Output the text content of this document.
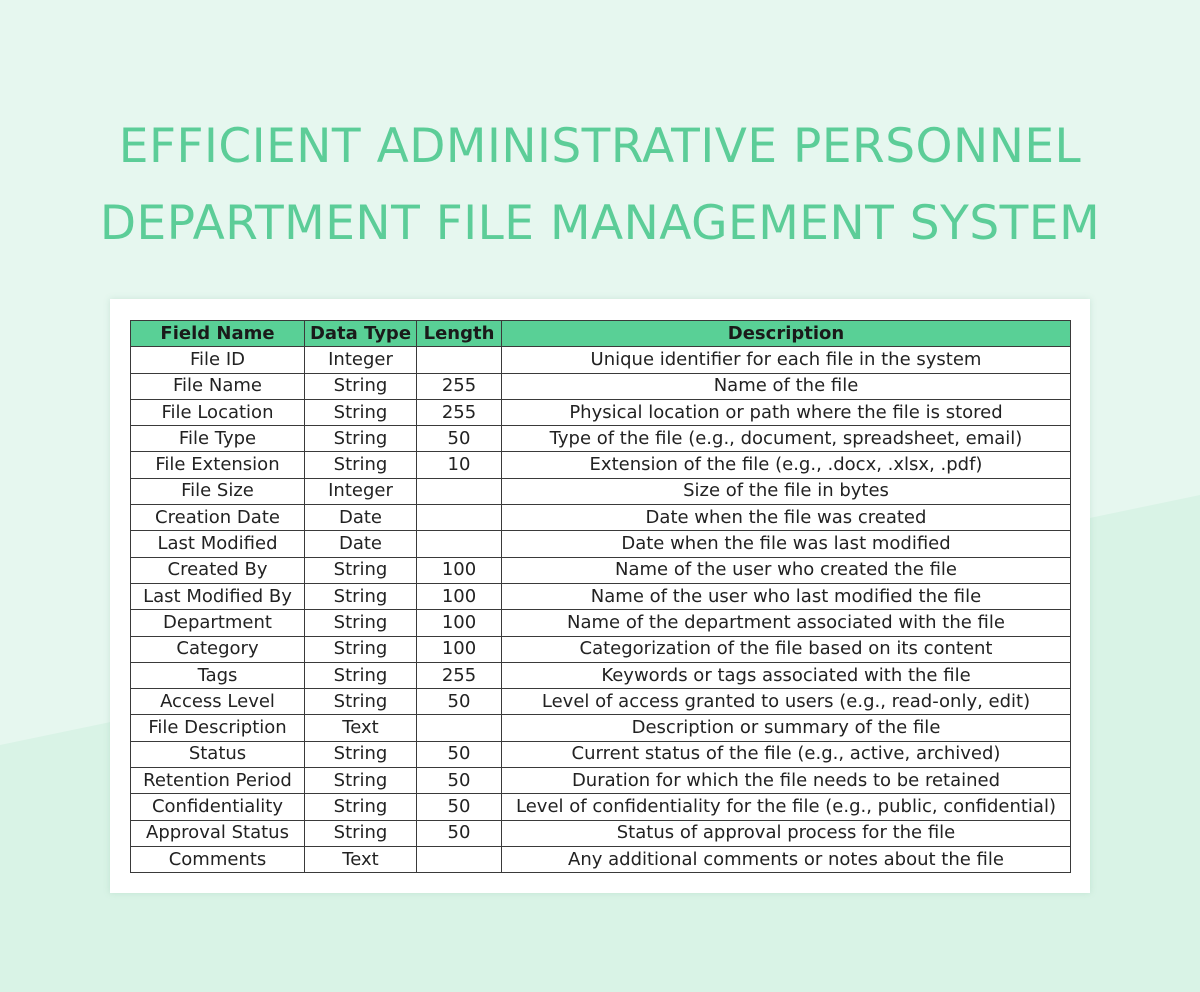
EFFICIENT ADMINISTRATIVE PERSONNEL
DEPARTMENT FILE MANAGEMENT SYSTEM
Field Name	Data Type	Length	Description
File ID	Integer		Unique identifier for each file in the system
File Name	String	255	Name of the file
File Location	String	255	Physical location or path where the file is stored
File Type	String	50	Type of the file (e.g., document, spreadsheet, email)
File Extension	String	10	Extension of the file (e.g., .docx, .xlsx, .pdf)
File Size	Integer		Size of the file in bytes
Creation Date	Date		Date when the file was created
Last Modified	Date		Date when the file was last modified
Created By	String	100	Name of the user who created the file
Last Modified By	String	100	Name of the user who last modified the file
Department	String	100	Name of the department associated with the file
Category	String	100	Categorization of the file based on its content
Tags	String	255	Keywords or tags associated with the file
Access Level	String	50	Level of access granted to users (e.g., read-only, edit)
File Description	Text		Description or summary of the file
Status	String	50	Current status of the file (e.g., active, archived)
Retention Period	String	50	Duration for which the file needs to be retained
Confidentiality	String	50	Level of confidentiality for the file (e.g., public, confidential)
Approval Status	String	50	Status of approval process for the file
Comments	Text		Any additional comments or notes about the file
